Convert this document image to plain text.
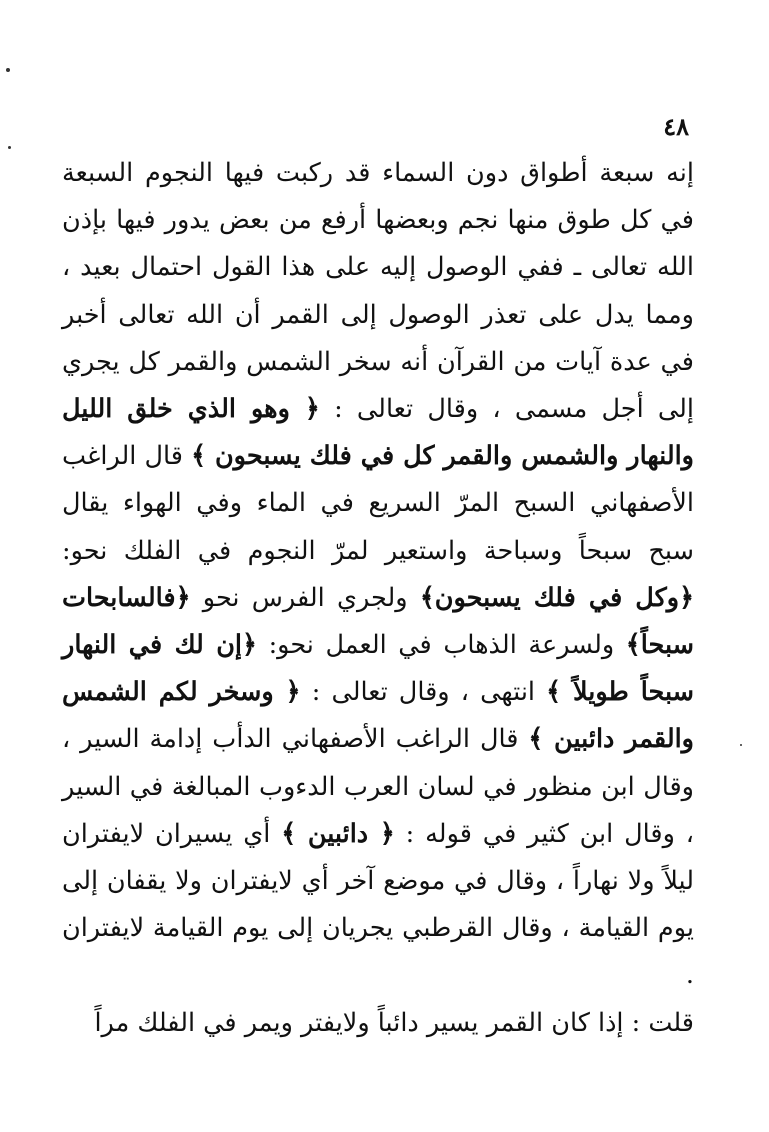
٤٨

إنه سبعة أطواق دون السماء قد ركبت فيها النجوم السبعة في كل طوق منها نجم وبعضها أرفع من بعض يدور فيها بإذن الله تعالى ـ ففي الوصول إليه على هذا القول احتمال بعيد ، ومما يدل على تعذر الوصول إلى القمر أن الله تعالى أخبر في عدة آيات من القرآن أنه سخر الشمس والقمر كل يجري إلى أجل مسمى ، وقال تعالى : ﴿ وهو الذي خلق الليل والنهار والشمس والقمر كل في فلك يسبحون ﴾ قال الراغب الأصفهاني السبح المرّ السريع في الماء وفي الهواء يقال سبح سبحاً وسباحة واستعير لمرّ النجوم في الفلك نحو: ﴿وكل في فلك يسبحون﴾ ولجري الفرس نحو ﴿فالسابحات سبحاً﴾ ولسرعة الذهاب في العمل نحو: ﴿إن لك في النهار سبحاً طويلاً ﴾ انتهى ، وقال تعالى : ﴿ وسخر لكم الشمس والقمر دائبين ﴾ قال الراغب الأصفهاني الدأب إدامة السير ، وقال ابن منظور في لسان العرب الدءوب المبالغة في السير ، وقال ابن كثير في قوله : ﴿ دائبين ﴾ أي يسيران لايفتران ليلاً ولا نهاراً ، وقال في موضع آخر أي لايفتران ولا يقفان إلى يوم القيامة ، وقال القرطبي يجريان إلى يوم القيامة لايفتران .

قلت : إذا كان القمر يسير دائباً ولايفتر ويمر في الفلك مراً
